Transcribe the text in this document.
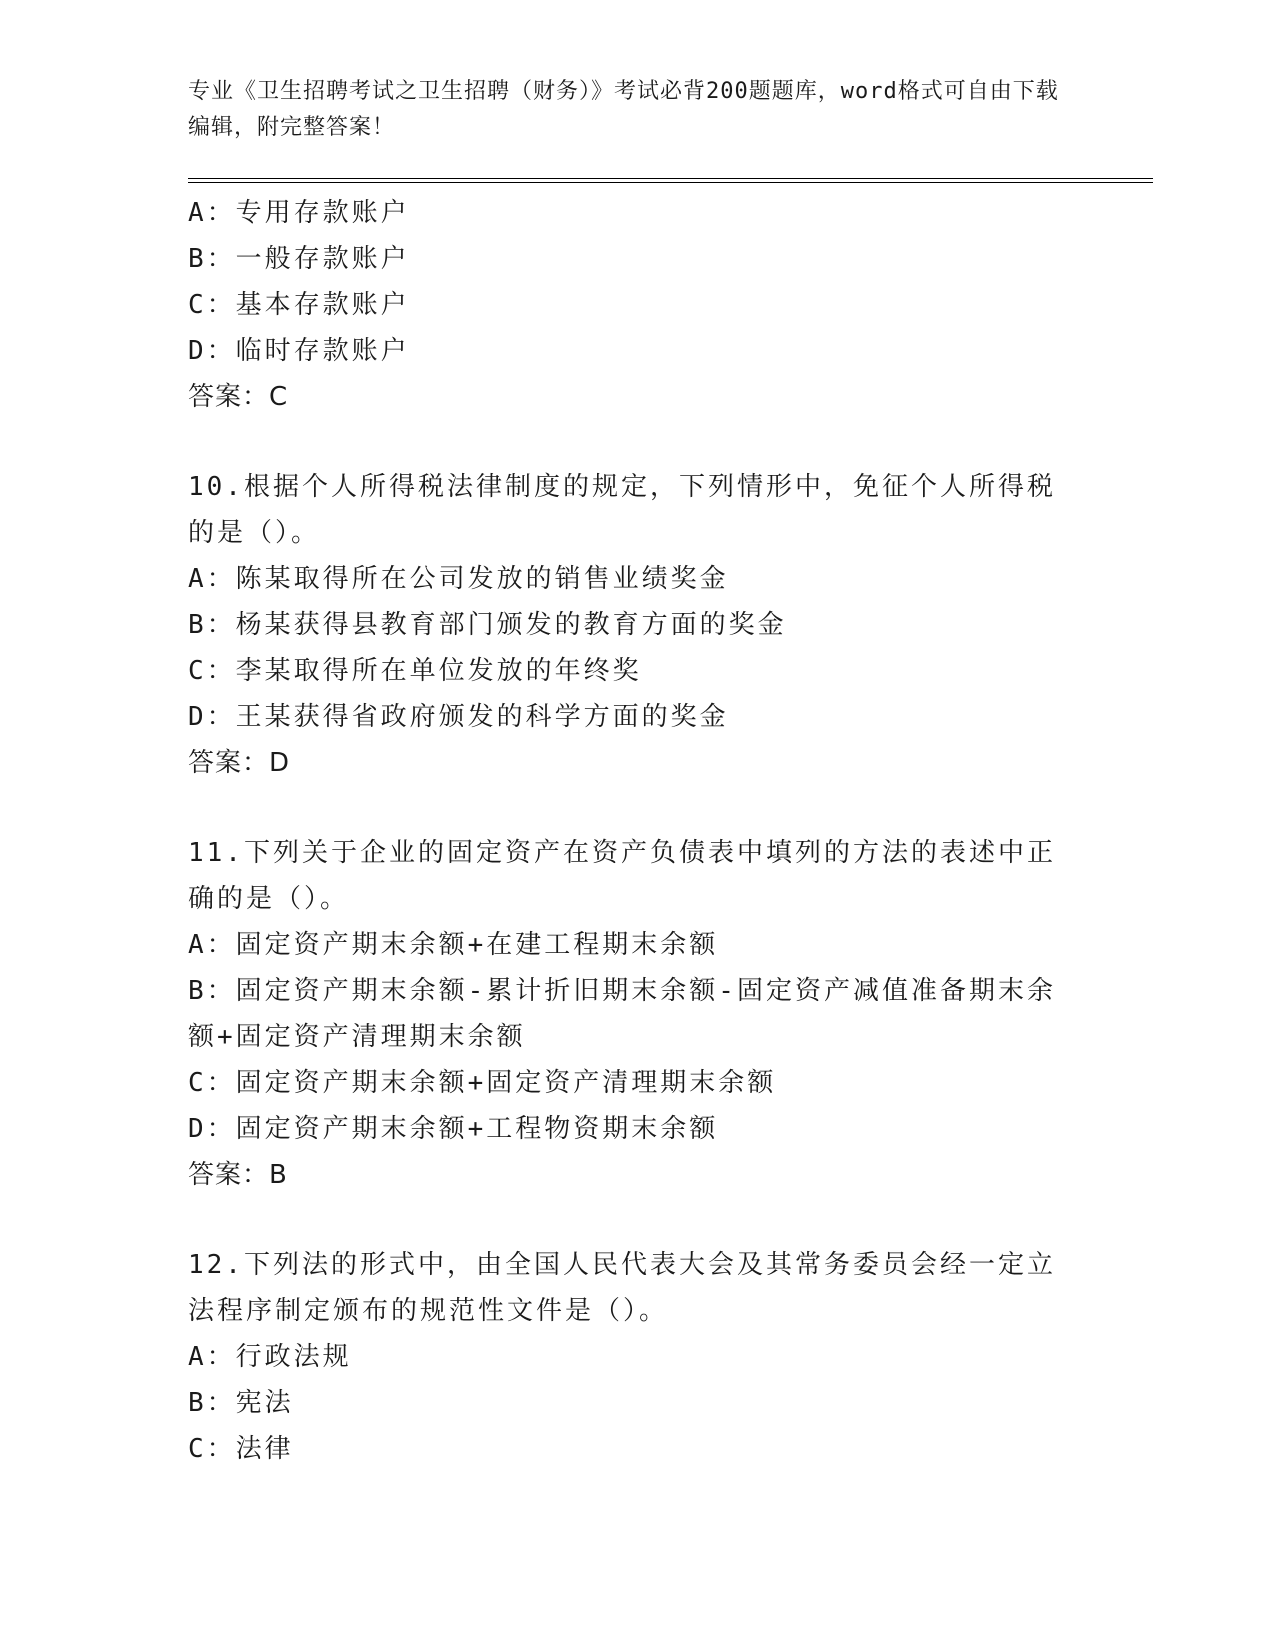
专业《卫生招聘考试之卫生招聘（财务）》考试必背200题题库，word格式可自由下载编辑，附完整答案！
A：专用存款账户
B：一般存款账户
C：基本存款账户
D：临时存款账户
答案：C
10.根据个人所得税法律制度的规定，下列情形中，免征个人所得税的是（）。
A：陈某取得所在公司发放的销售业绩奖金
B：杨某获得县教育部门颁发的教育方面的奖金
C：李某取得所在单位发放的年终奖
D：王某获得省政府颁发的科学方面的奖金
答案：D
11.下列关于企业的固定资产在资产负债表中填列的方法的表述中正确的是（）。
A：固定资产期末余额+在建工程期末余额
B：固定资产期末余额-累计折旧期末余额-固定资产减值准备期末余额+固定资产清理期末余额
C：固定资产期末余额+固定资产清理期末余额
D：固定资产期末余额+工程物资期末余额
答案：B
12.下列法的形式中，由全国人民代表大会及其常务委员会经一定立法程序制定颁布的规范性文件是（）。
A：行政法规
B：宪法
C：法律
